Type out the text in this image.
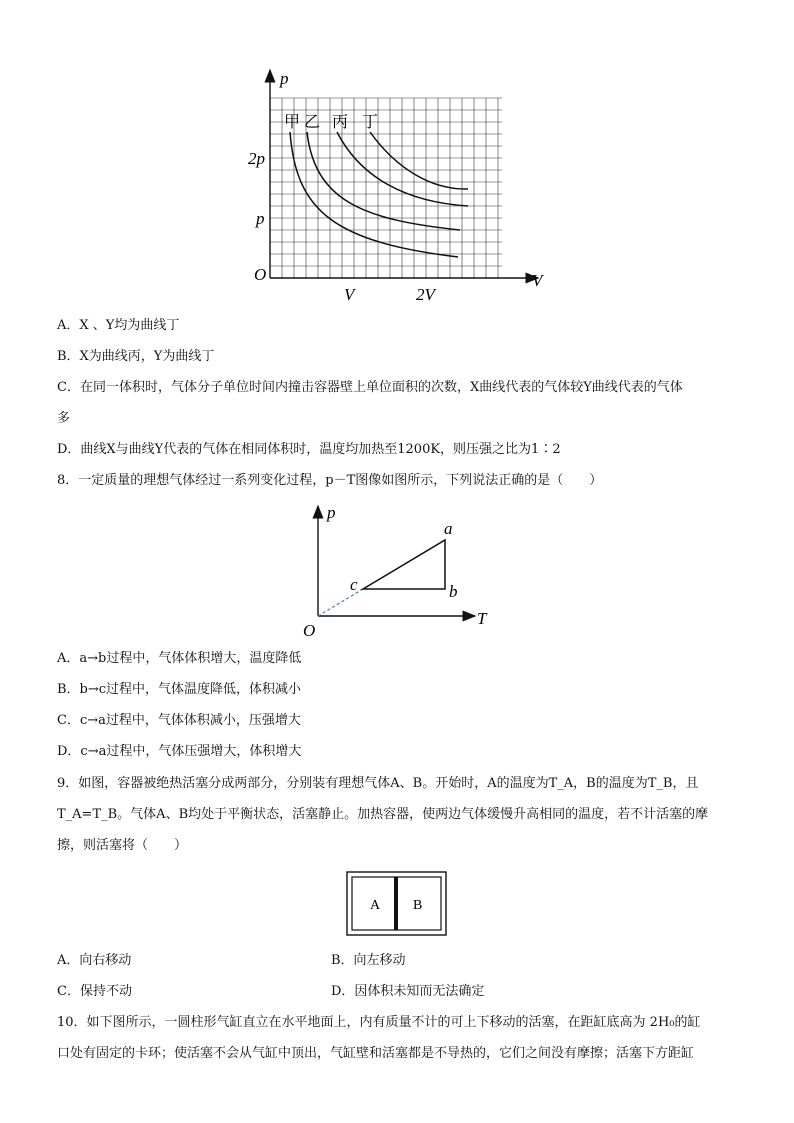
p
V
O
2p
p
V	2V
甲 乙 丙 丁
A．X 、Y均为曲线丁
B．X为曲线丙，Y为曲线丁
C．在同一体积时，气体分子单位时间内撞击容器壁上单位面积的次数，X曲线代表的气体较Y曲线代表的气体
多
D．曲线X与曲线Y代表的气体在相同体积时，温度均加热至1200K，则压强之比为1∶2
8．一定质量的理想气体经过一系列变化过程，p－T图像如图所示，下列说法正确的是（　　）
p
T
O
a
b
c
A．a→b过程中，气体体积增大，温度降低
B．b→c过程中，气体温度降低，体积减小
C．c→a过程中，气体体积减小，压强增大
D．c→a过程中，气体压强增大，体积增大
9．如图，容器被绝热活塞分成两部分，分别装有理想气体A、B。开始时，A的温度为T_A，B的温度为T_B，且
T_A=T_B。气体A、B均处于平衡状态，活塞静止。加热容器，使两边气体缓慢升高相同的温度，若不计活塞的摩
擦，则活塞将（　　）
A B
A．向右移动	B．向左移动
C．保持不动	D．因体积未知而无法确定
10．如下图所示，一圆柱形气缸直立在水平地面上，内有质量不计的可上下移动的活塞，在距缸底高为 2H₀的缸
口处有固定的卡环；使活塞不会从气缸中顶出，气缸壁和活塞都是不导热的，它们之间没有摩擦；活塞下方距缸
